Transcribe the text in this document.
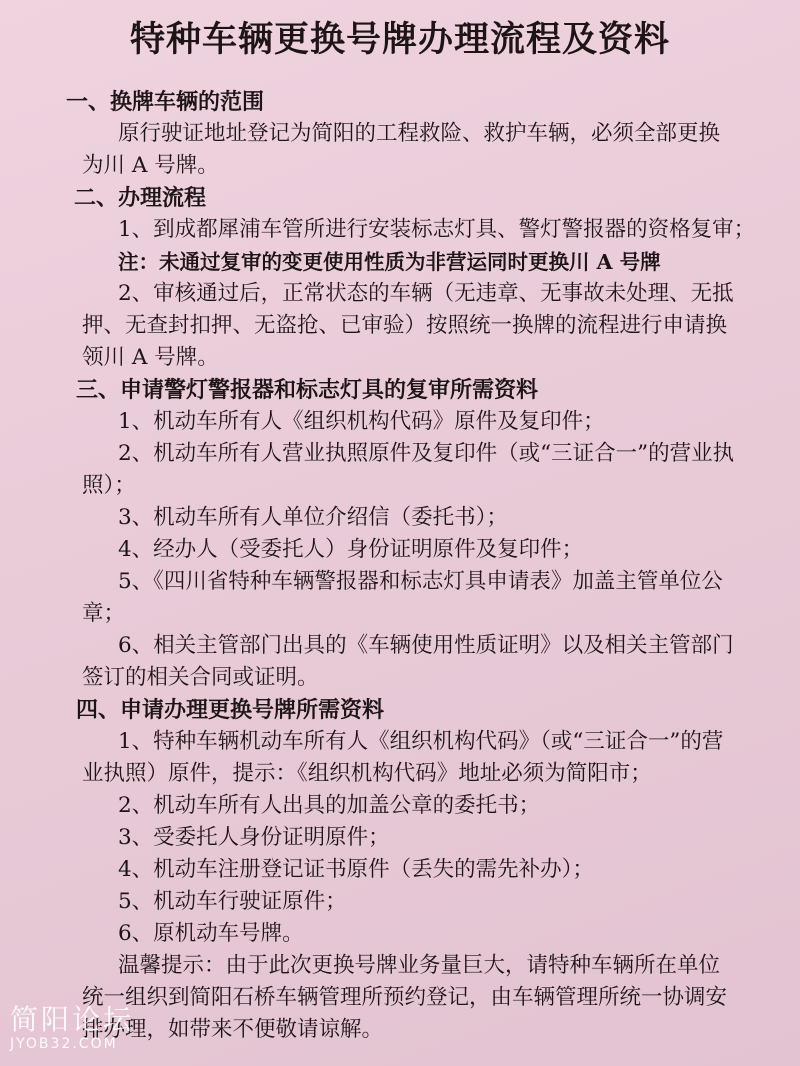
特种车辆更换号牌办理流程及资料
一、换牌车辆的范围
原行驶证地址登记为简阳的工程救险、救护车辆，必须全部更换
为川 A 号牌。
二、办理流程
1、到成都犀浦车管所进行安装标志灯具、警灯警报器的资格复审；
注：未通过复审的变更使用性质为非营运同时更换川 A 号牌
2、审核通过后，正常状态的车辆（无违章、无事故未处理、无抵
押、无查封扣押、无盗抢、已审验）按照统一换牌的流程进行申请换
领川 A 号牌。
三、申请警灯警报器和标志灯具的复审所需资料
1、机动车所有人《组织机构代码》原件及复印件；
2、机动车所有人营业执照原件及复印件（或“三证合一”的营业执
照）；
3、机动车所有人单位介绍信（委托书）；
4、经办人（受委托人）身份证明原件及复印件；
5、《四川省特种车辆警报器和标志灯具申请表》加盖主管单位公
章；
6、相关主管部门出具的《车辆使用性质证明》以及相关主管部门
签订的相关合同或证明。
四、申请办理更换号牌所需资料
1、特种车辆机动车所有人《组织机构代码》（或“三证合一”的营
业执照）原件，提示：《组织机构代码》地址必须为简阳市；
2、机动车所有人出具的加盖公章的委托书；
3、受委托人身份证明原件；
4、机动车注册登记证书原件（丢失的需先补办）；
5、机动车行驶证原件；
6、原机动车号牌。
温馨提示：由于此次更换号牌业务量巨大，请特种车辆所在单位
统一组织到简阳石桥车辆管理所预约登记，由车辆管理所统一协调安
排办理，如带来不便敬请谅解。
简阳论坛
JYOB32.COM
